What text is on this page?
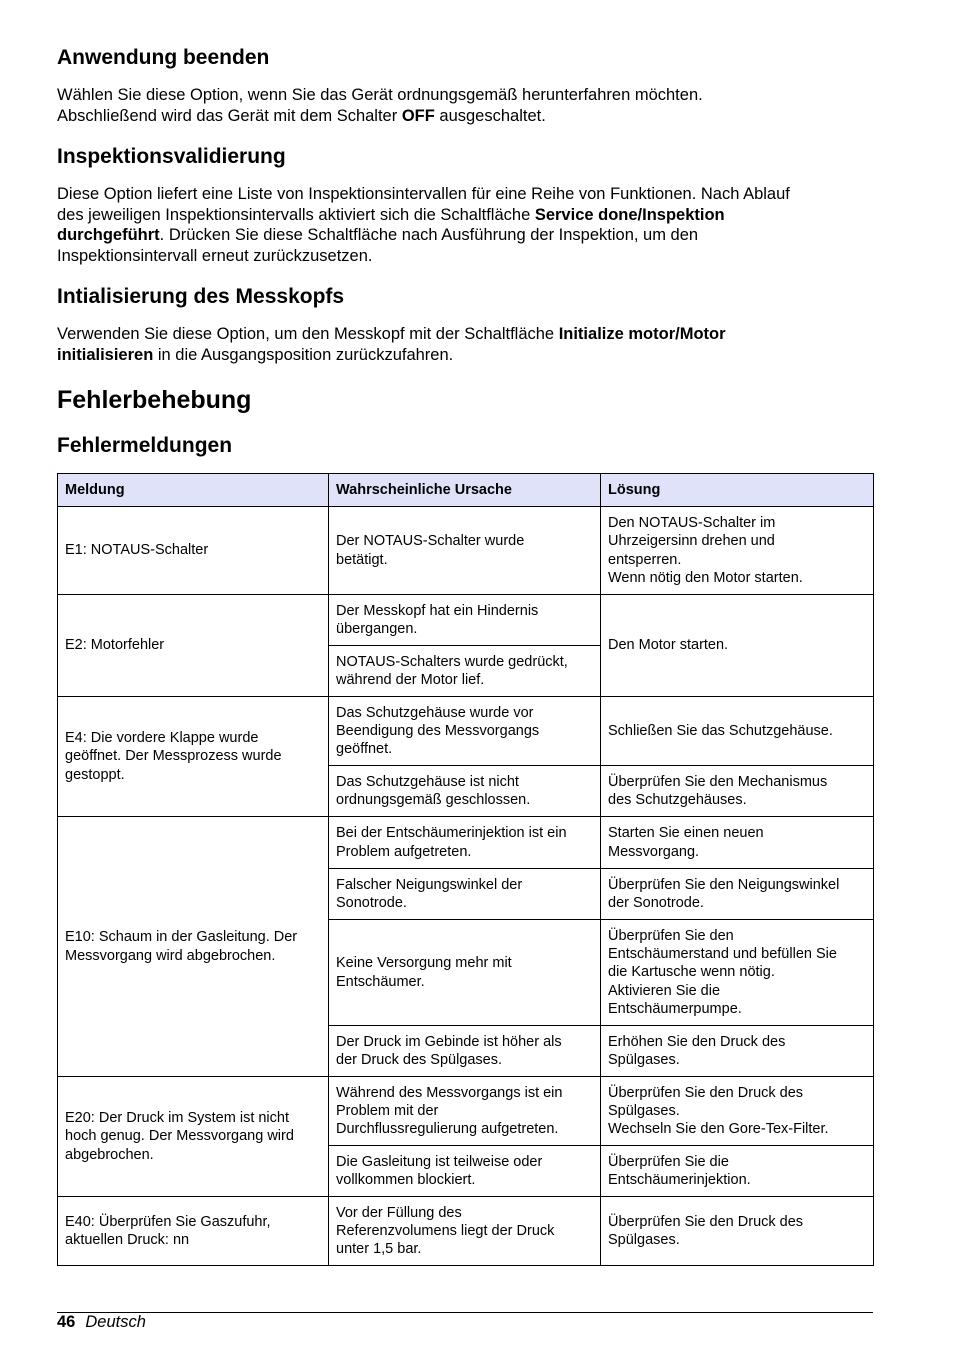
Anwendung beenden

Wählen Sie diese Option, wenn Sie das Gerät ordnungsgemäß herunterfahren möchten.
Abschließend wird das Gerät mit dem Schalter OFF ausgeschaltet.

Inspektionsvalidierung

Diese Option liefert eine Liste von Inspektionsintervallen für eine Reihe von Funktionen. Nach Ablauf
des jeweiligen Inspektionsintervalls aktiviert sich die Schaltfläche Service done/Inspektion
durchgeführt. Drücken Sie diese Schaltfläche nach Ausführung der Inspektion, um den
Inspektionsintervall erneut zurückzusetzen.

Intialisierung des Messkopfs

Verwenden Sie diese Option, um den Messkopf mit der Schaltfläche Initialize motor/Motor
initialisieren in die Ausgangsposition zurückzufahren.

Fehlerbehebung
Fehlermeldungen
Meldung	Wahrscheinliche Ursache	Lösung

E1: NOTAUS-Schalter	Der NOTAUS-Schalter wurde
betätigt.	Den NOTAUS-Schalter im
Uhrzeigersinn drehen und
entsperren.
Wenn nötig den Motor starten.

E2: Motorfehler	Der Messkopf hat ein Hindernis
übergangen.	Den Motor starten.

	NOTAUS-Schalters wurde gedrückt,
während der Motor lief.	

E4: Die vordere Klappe wurde
geöffnet. Der Messprozess wurde
gestoppt.	Das Schutzgehäuse wurde vor
Beendigung des Messvorgangs
geöffnet.	Schließen Sie das Schutzgehäuse.

	Das Schutzgehäuse ist nicht
ordnungsgemäß geschlossen.	Überprüfen Sie den Mechanismus
des Schutzgehäuses.

E10: Schaum in der Gasleitung. Der
Messvorgang wird abgebrochen.	Bei der Entschäumerinjektion ist ein
Problem aufgetreten.	Starten Sie einen neuen
Messvorgang.

	Falscher Neigungswinkel der
Sonotrode.	Überprüfen Sie den Neigungswinkel
der Sonotrode.

	Keine Versorgung mehr mit
Entschäumer.	Überprüfen Sie den
Entschäumerstand und befüllen Sie
die Kartusche wenn nötig.
Aktivieren Sie die
Entschäumerpumpe.

	Der Druck im Gebinde ist höher als
der Druck des Spülgases.	Erhöhen Sie den Druck des
Spülgases.

E20: Der Druck im System ist nicht
hoch genug. Der Messvorgang wird
abgebrochen.	Während des Messvorgangs ist ein
Problem mit der
Durchflussregulierung aufgetreten.	Überprüfen Sie den Druck des
Spülgases.
Wechseln Sie den Gore-Tex-Filter.

	Die Gasleitung ist teilweise oder
vollkommen blockiert.	Überprüfen Sie die
Entschäumerinjektion.

E40: Überprüfen Sie Gaszufuhr,
aktuellen Druck: nn	Vor der Füllung des
Referenzvolumens liegt der Druck
unter 1,5 bar.	Überprüfen Sie den Druck des
Spülgases.
46 Deutsch
